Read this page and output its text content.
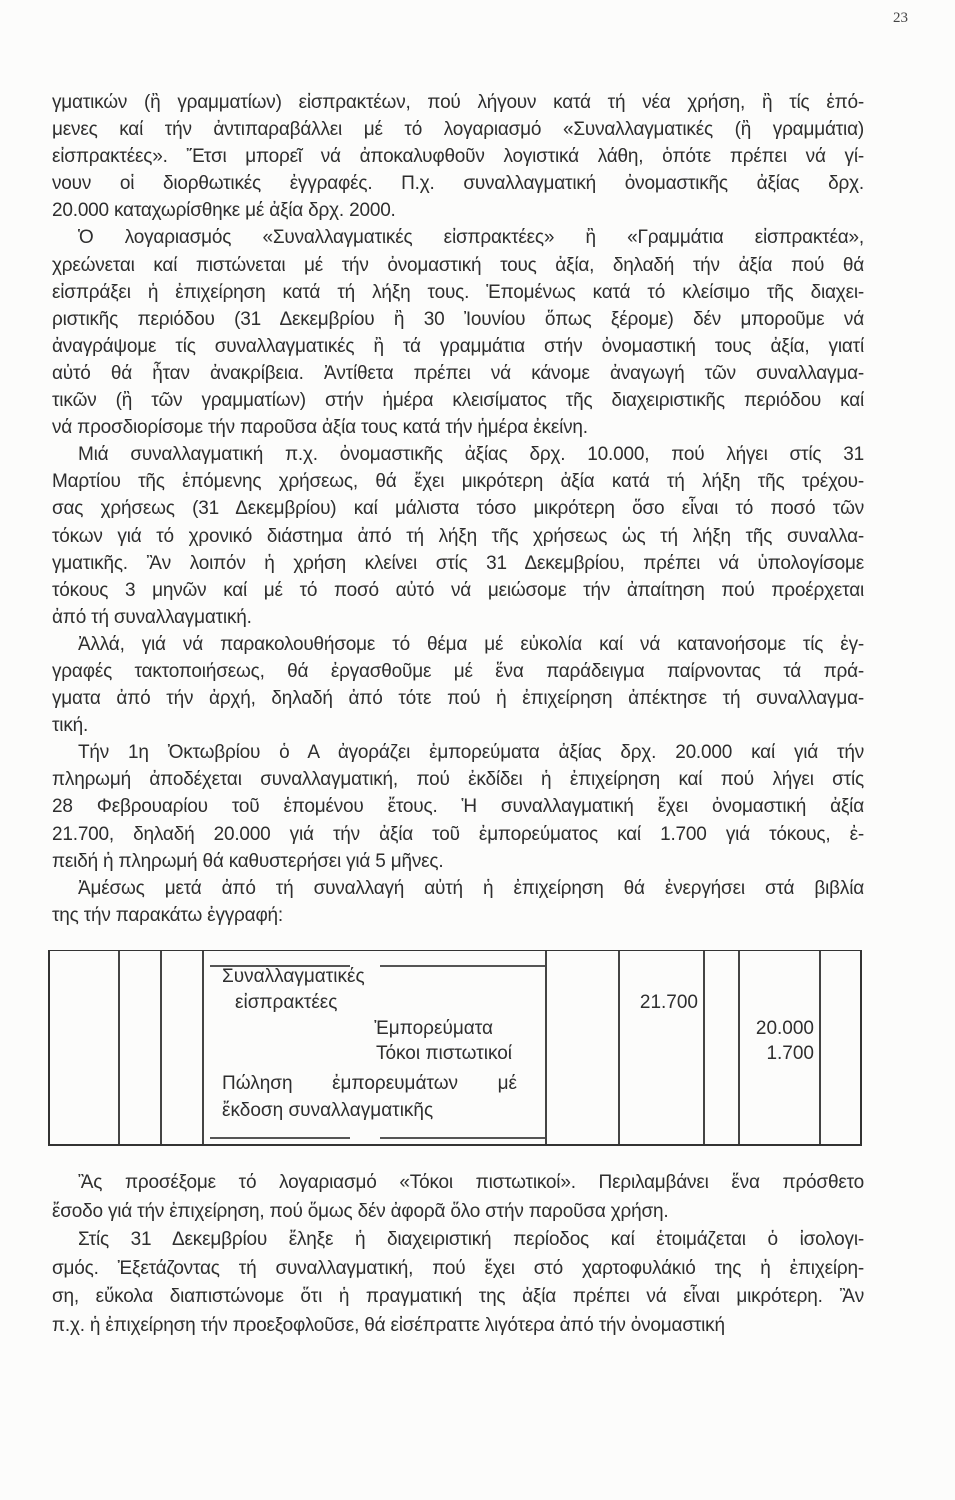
23
γματικών (ἢ γραμματίων) εἰσπρακτέων, πού λήγουν κατά τή νέα χρήση, ἢ τίς ἑπό-
μενες καί τήν ἀντιπαραβάλλει μέ τό λογαριασμό «Συναλλαγματικές (ἢ γραμμάτια)
εἰσπρακτέες». Ἔτσι μπορεῖ νά ἀποκαλυφθοῦν λογιστικά λάθη, ὁπότε πρέπει νά γί-
νουν οἱ διορθωτικές ἐγγραφές. Π.χ. συναλλαγματική ὀνομαστικῆς ἀξίας δρχ.
20.000 καταχωρίσθηκε μέ ἀξία δρχ. 2000.
Ὁ λογαριασμός «Συναλλαγματικές εἰσπρακτέες» ἢ «Γραμμάτια εἰσπρακτέα»,
χρεώνεται καί πιστώνεται μέ τήν ὀνομαστική τους ἀξία, δηλαδή τήν ἀξία πού θά
εἰσπράξει ἡ ἐπιχείρηση κατά τή λήξη τους. Ἑπομένως κατά τό κλείσιμο τῆς διαχει-
ριστικῆς περιόδου (31 Δεκεμβρίου ἢ 30 Ἰουνίου ὅπως ξέρομε) δέν μποροῦμε νά
ἀναγράψομε τίς συναλλαγματικές ἢ τά γραμμάτια στήν ὀνομαστική τους ἀξία, γιατί
αὐτό θά ἦταν ἀνακρίβεια. Ἀντίθετα πρέπει νά κάνομε ἀναγωγή τῶν συναλλαγμα-
τικῶν (ἢ τῶν γραμματίων) στήν ἡμέρα κλεισίματος τῆς διαχειριστικῆς περιόδου καί
νά προσδιορίσομε τήν παροῦσα ἀξία τους κατά τήν ἡμέρα ἐκείνη.
Μιά συναλλαγματική π.χ. ὀνομαστικῆς ἀξίας δρχ. 10.000, πού λήγει στίς 31
Μαρτίου τῆς ἑπόμενης χρήσεως, θά ἔχει μικρότερη ἀξία κατά τή λήξη τῆς τρέχου-
σας χρήσεως (31 Δεκεμβρίου) καί μάλιστα τόσο μικρότερη ὅσο εἶναι τό ποσό τῶν
τόκων γιά τό χρονικό διάστημα ἀπό τή λήξη τῆς χρήσεως ὡς τή λήξη τῆς συναλλα-
γματικῆς. Ἂν λοιπόν ἡ χρήση κλείνει στίς 31 Δεκεμβρίου, πρέπει νά ὑπολογίσομε
τόκους 3 μηνῶν καί μέ τό ποσό αὐτό νά μειώσομε τήν ἀπαίτηση πού προέρχεται
ἀπό τή συναλλαγματική.
Ἀλλά, γιά νά παρακολουθήσομε τό θέμα μέ εὐκολία καί νά κατανοήσομε τίς ἐγ-
γραφές τακτοποιήσεως, θά ἐργασθοῦμε μέ ἕνα παράδειγμα παίρνοντας τά πρά-
γματα ἀπό τήν ἀρχή, δηλαδή ἀπό τότε πού ἡ ἐπιχείρηση ἀπέκτησε τή συναλλαγμα-
τική.
Τήν 1η Ὀκτωβρίου ὁ Α ἀγοράζει ἐμπορεύματα ἀξίας δρχ. 20.000 καί γιά τήν
πληρωμή ἀποδέχεται συναλλαγματική, πού ἐκδίδει ἡ ἐπιχείρηση καί πού λήγει στίς
28 Φεβρουαρίου τοῦ ἑπομένου ἔτους. Ἡ συναλλαγματική ἔχει ὀνομαστική ἀξία
21.700, δηλαδή 20.000 γιά τήν ἀξία τοῦ ἐμπορεύματος καί 1.700 γιά τόκους, ἐ-
πειδή ἡ πληρωμή θά καθυστερήσει γιά 5 μῆνες.
Ἀμέσως μετά ἀπό τή συναλλαγή αὐτή ἡ ἐπιχείρηση θά ἐνεργήσει στά βιβλία
της τήν παρακάτω ἐγγραφή:
Συναλλαγματικές
εἰσπρακτέες
Ἐμπορεύματα
Τόκοι πιστωτικοί
Πώληση ἐμπορευμάτων μέ
ἔκδοση συναλλαγματικῆς
21.700
20.000
1.700
Ἂς προσέξομε τό λογαριασμό «Τόκοι πιστωτικοί». Περιλαμβάνει ἕνα πρόσθετο
ἔσοδο γιά τήν ἐπιχείρηση, πού ὅμως δέν ἀφορᾶ ὅλο στήν παροῦσα χρήση.
Στίς 31 Δεκεμβρίου ἔληξε ἡ διαχειριστική περίοδος καί ἑτοιμάζεται ὁ ἰσολογι-
σμός. Ἐξετάζοντας τή συναλλαγματική, πού ἔχει στό χαρτοφυλάκιό της ἡ ἐπιχείρη-
ση, εὔκολα διαπιστώνομε ὅτι ἡ πραγματική της ἀξία πρέπει νά εἶναι μικρότερη. Ἂν
π.χ. ἡ ἐπιχείρηση τήν προεξοφλοῦσε, θά εἰσέπραττε λιγότερα ἀπό τήν ὀνομαστική
